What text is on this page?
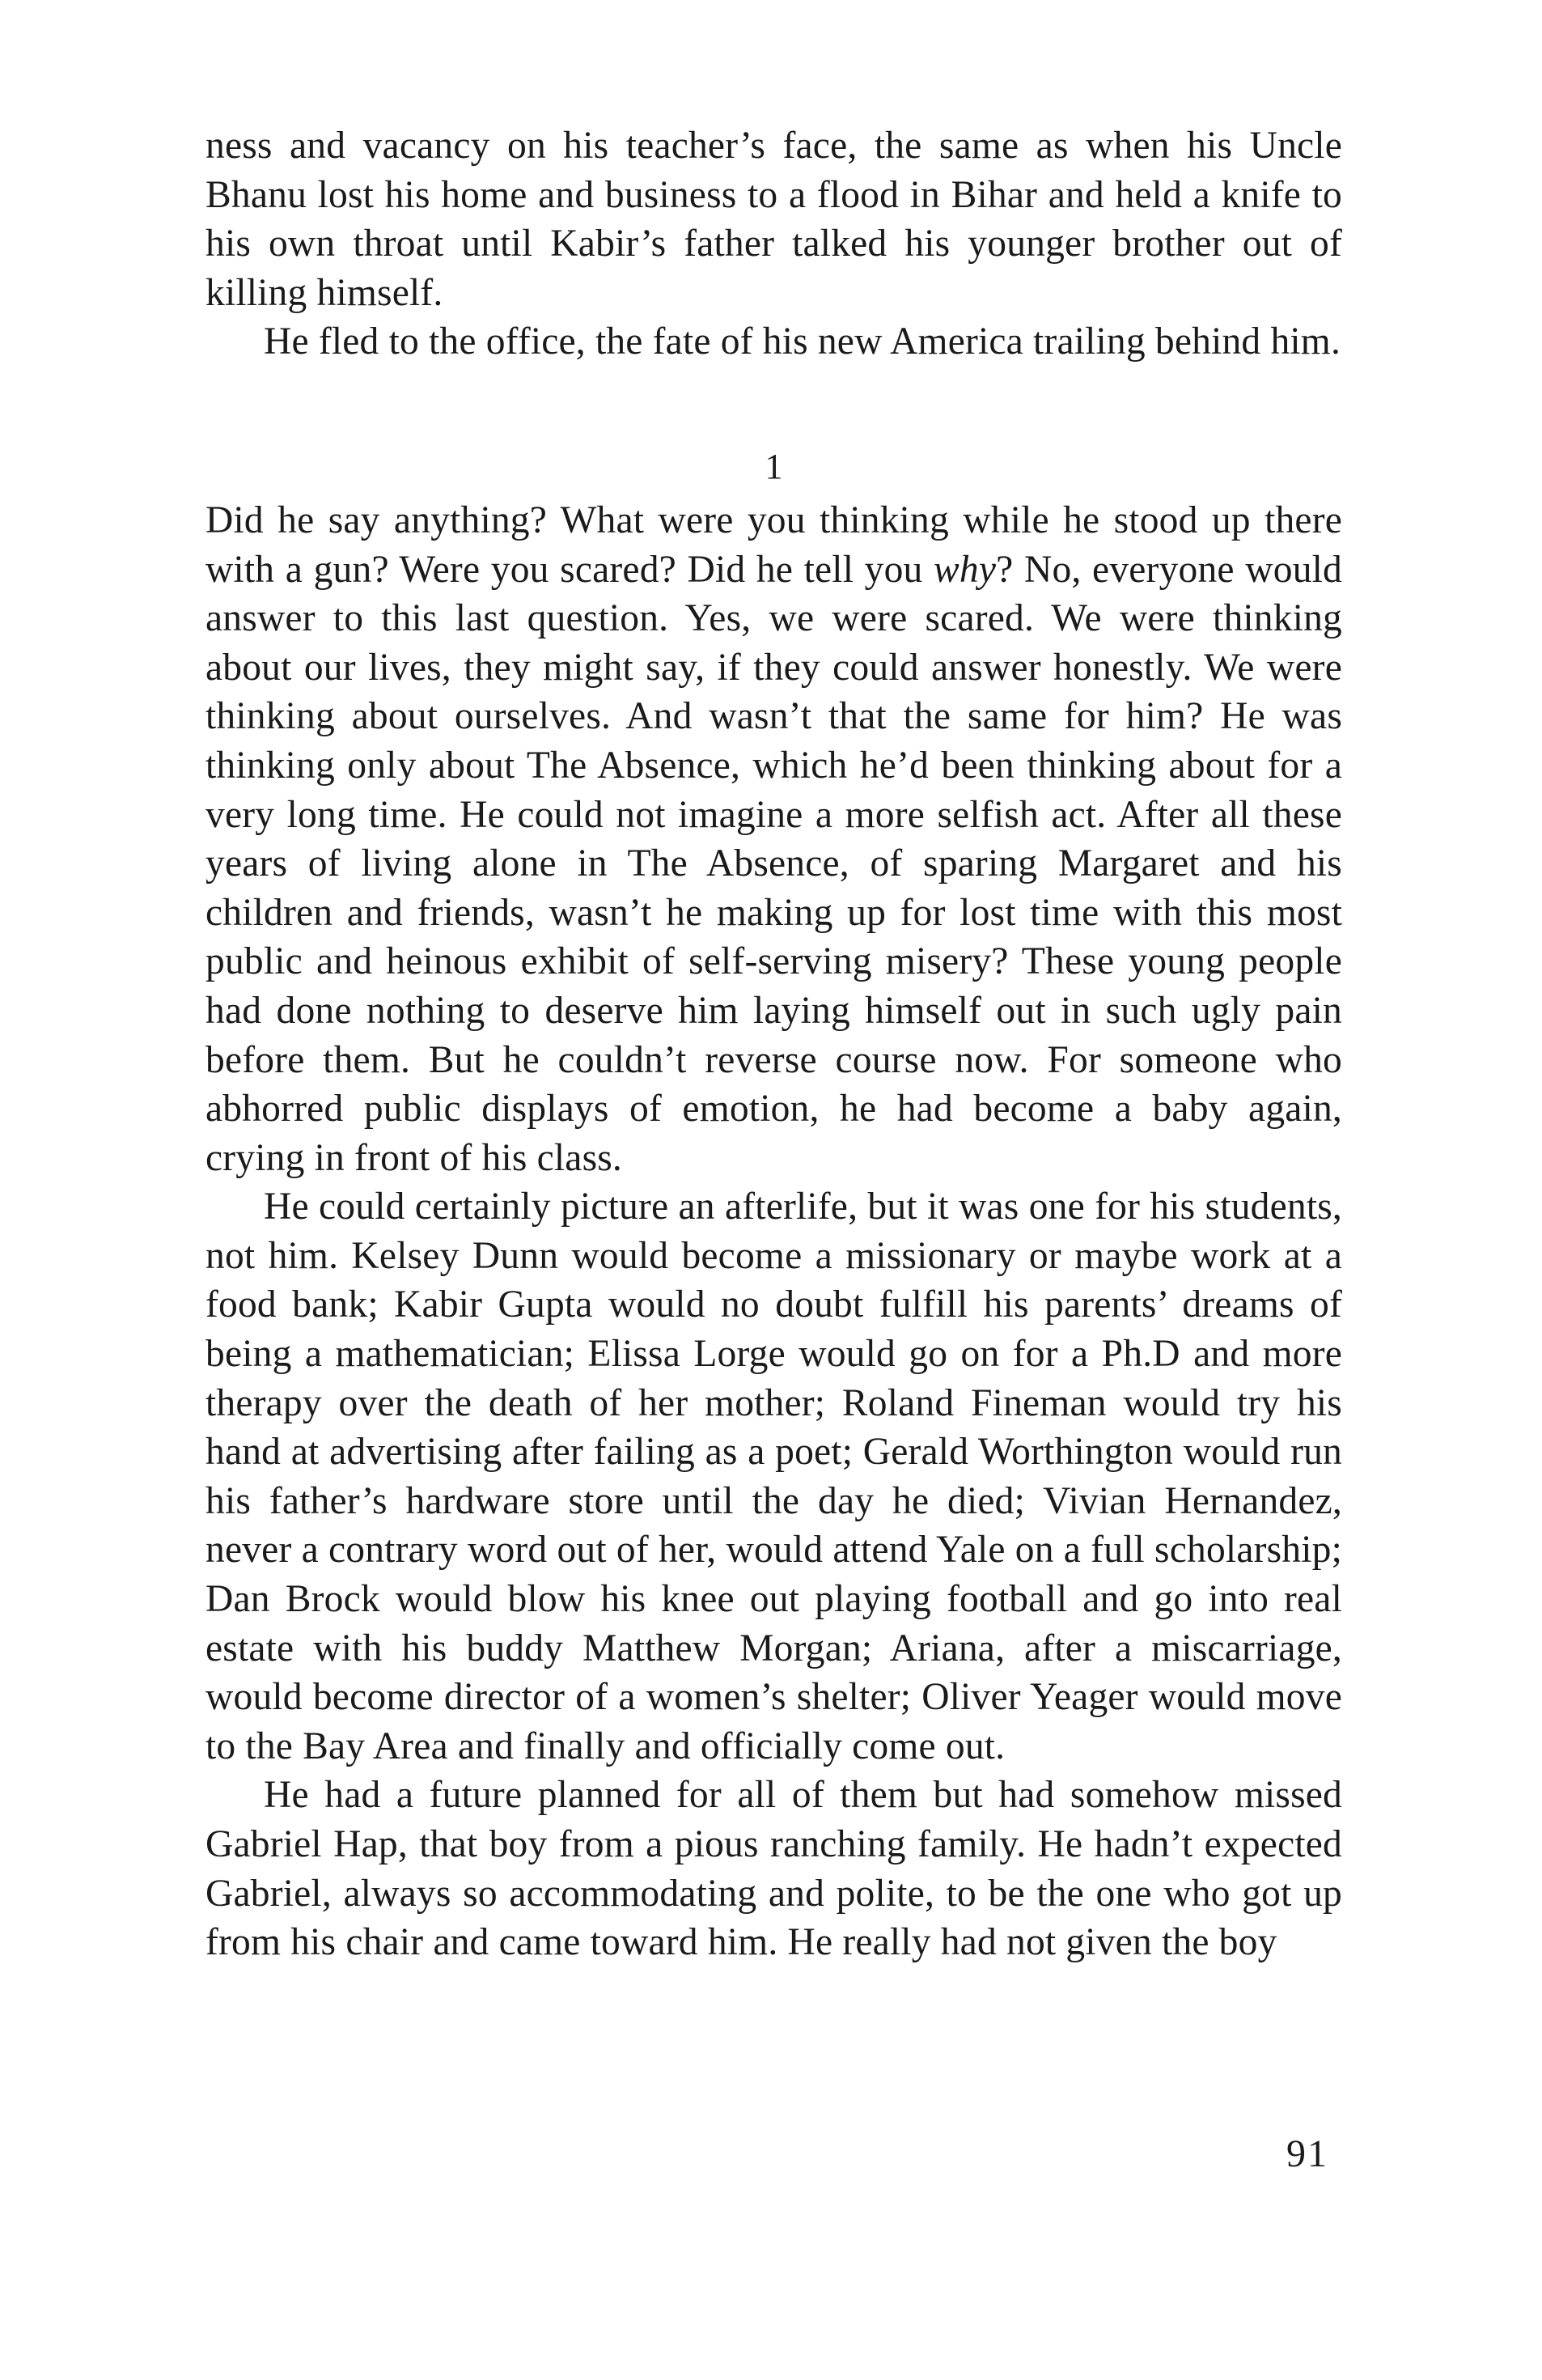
ness and vacancy on his teacher’s face, the same as when his Uncle Bhanu lost his home and business to a flood in Bihar and held a knife to his own throat until Kabir’s father talked his younger brother out of killing himself.

He fled to the office, the fate of his new America trailing behind him.

1

Did he say anything? What were you thinking while he stood up there with a gun? Were you scared? Did he tell you why? No, everyone would answer to this last question. Yes, we were scared. We were thinking about our lives, they might say, if they could answer honestly. We were thinking about ourselves. And wasn’t that the same for him? He was thinking only about The Absence, which he’d been thinking about for a very long time. He could not imagine a more selfish act. After all these years of living alone in The Absence, of sparing Margaret and his children and friends, wasn’t he making up for lost time with this most public and heinous exhibit of self-serving misery? These young people had done nothing to deserve him laying himself out in such ugly pain before them. But he couldn’t reverse course now. For someone who abhorred public displays of emotion, he had become a baby again, crying in front of his class.

He could certainly picture an afterlife, but it was one for his students, not him. Kelsey Dunn would become a missionary or maybe work at a food bank; Kabir Gupta would no doubt fulfill his parents’ dreams of being a mathematician; Elissa Lorge would go on for a Ph.D and more therapy over the death of her mother; Roland Fineman would try his hand at advertising after failing as a poet; Gerald Worthington would run his father’s hardware store until the day he died; Vivian Hernandez, never a contrary word out of her, would attend Yale on a full scholarship; Dan Brock would blow his knee out playing football and go into real estate with his buddy Matthew Morgan; Ariana, after a miscarriage, would become director of a women’s shelter; Oliver Yeager would move to the Bay Area and finally and officially come out.

He had a future planned for all of them but had somehow missed Gabriel Hap, that boy from a pious ranching family. He hadn’t expected Gabriel, always so accommodating and polite, to be the one who got up from his chair and came toward him. He really had not given the boy

91
